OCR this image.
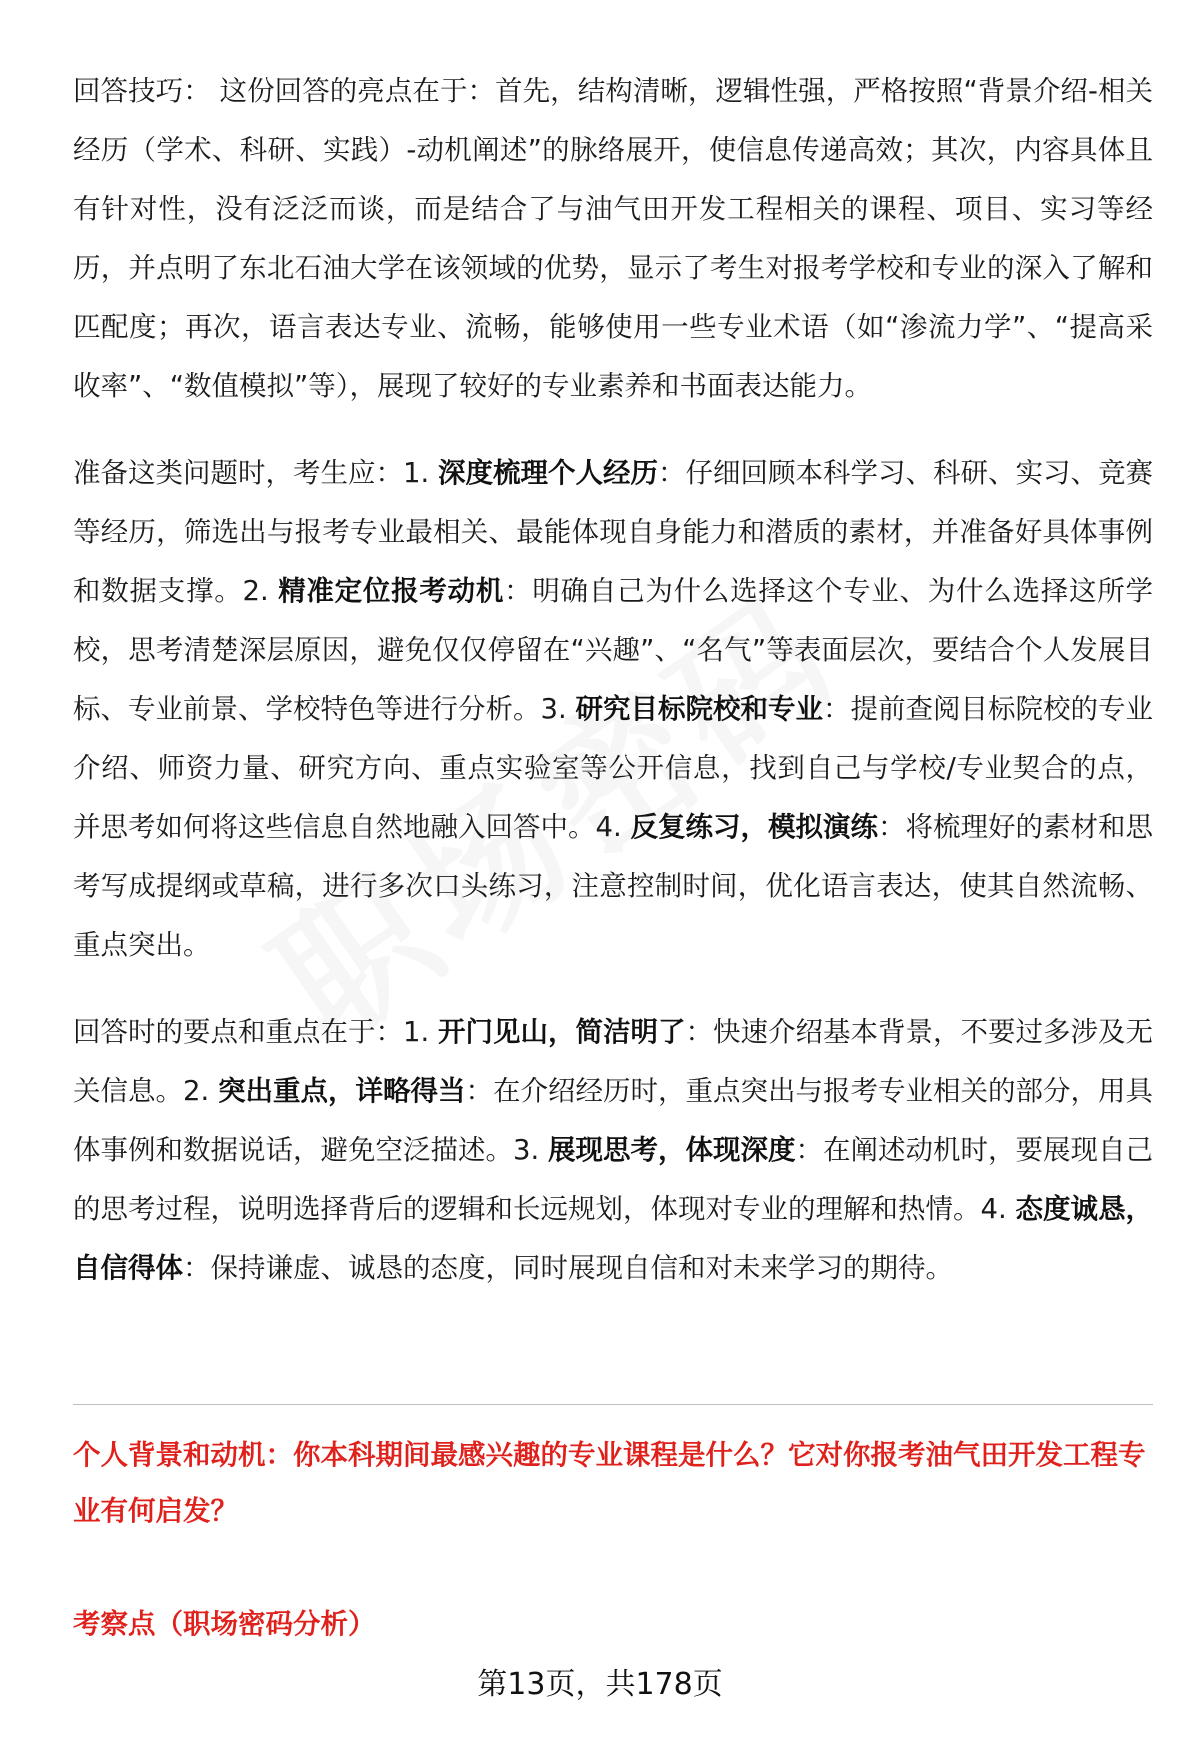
回答技巧： 这份回答的亮点在于：首先，结构清晰，逻辑性强，严格按照“背景介绍-相关经历（学术、科研、实践）-动机阐述”的脉络展开，使信息传递高效；其次，内容具体且有针对性，没有泛泛而谈，而是结合了与油气田开发工程相关的课程、项目、实习等经历，并点明了东北石油大学在该领域的优势，显示了考生对报考学校和专业的深入了解和匹配度；再次，语言表达专业、流畅，能够使用一些专业术语（如“渗流力学”、“提高采收率”、“数值模拟”等），展现了较好的专业素养和书面表达能力。

准备这类问题时，考生应：1. 深度梳理个人经历：仔细回顾本科学习、科研、实习、竞赛等经历，筛选出与报考专业最相关、最能体现自身能力和潜质的素材，并准备好具体事例和数据支撑。2. 精准定位报考动机：明确自己为什么选择这个专业、为什么选择这所学校，思考清楚深层原因，避免仅仅停留在“兴趣”、“名气”等表面层次，要结合个人发展目标、专业前景、学校特色等进行分析。3. 研究目标院校和专业：提前查阅目标院校的专业介绍、师资力量、研究方向、重点实验室等公开信息，找到自己与学校/专业契合的点，并思考如何将这些信息自然地融入回答中。4. 反复练习，模拟演练：将梳理好的素材和思考写成提纲或草稿，进行多次口头练习，注意控制时间，优化语言表达，使其自然流畅、重点突出。

回答时的要点和重点在于：1. 开门见山，简洁明了：快速介绍基本背景，不要过多涉及无关信息。2. 突出重点，详略得当：在介绍经历时，重点突出与报考专业相关的部分，用具体事例和数据说话，避免空泛描述。3. 展现思考，体现深度：在阐述动机时，要展现自己的思考过程，说明选择背后的逻辑和长远规划，体现对专业的理解和热情。4. 态度诚恳，自信得体：保持谦虚、诚恳的态度，同时展现自信和对未来学习的期待。

个人背景和动机：你本科期间最感兴趣的专业课程是什么？它对你报考油气田开发工程专业有何启发？

考察点（职场密码分析）

第13页，共178页
